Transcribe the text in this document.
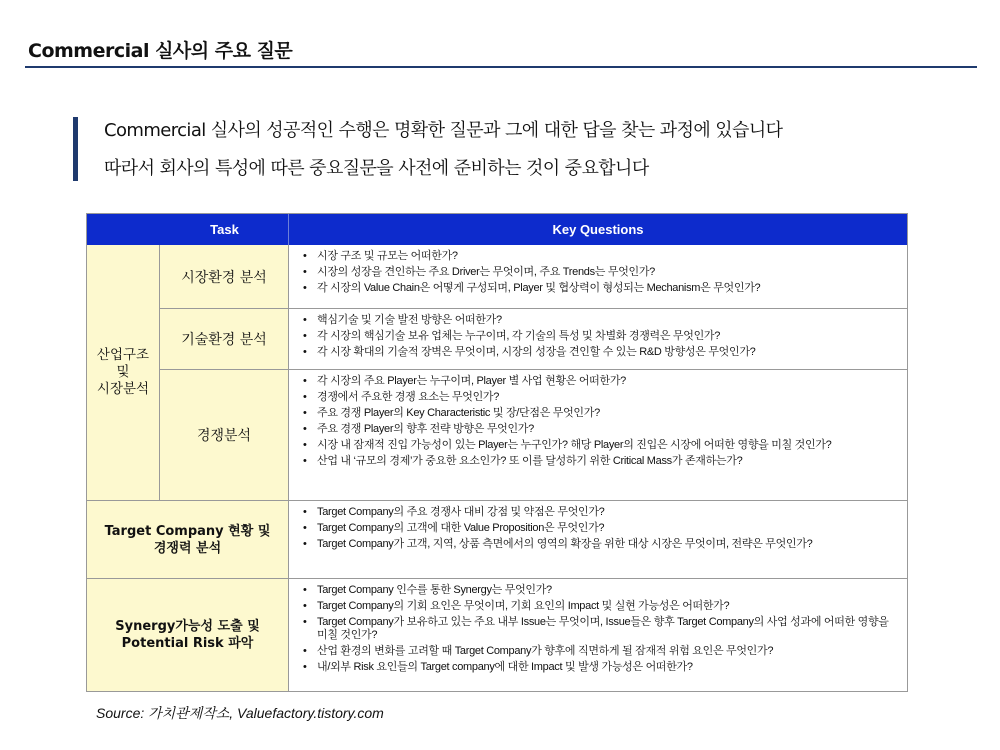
Commercial 실사의 주요 질문
Commercial 실사의 성공적인 수행은 명확한 질문과 그에 대한 답을 찾는 과정에 있습니다
따라서 회사의 특성에 따른 중요질문을 사전에 준비하는 것이 중요합니다
Task	Key Questions
산업구조
및
시장분석
시장환경 분석
• 시장 구조 및 규모는 어떠한가?
• 시장의 성장을 견인하는 주요 Driver는 무엇이며, 주요 Trends는 무엇인가?
• 각 시장의 Value Chain은 어떻게 구성되며, Player 및 협상력이 형성되는 Mechanism은 무엇인가?
기술환경 분석
• 핵심기술 및 기술 발전 방향은 어떠한가?
• 각 시장의 핵심기술 보유 업체는 누구이며, 각 기술의 특성 및 차별화 경쟁력은 무엇인가?
• 각 시장 확대의 기술적 장벽은 무엇이며, 시장의 성장을 견인할 수 있는 R&D 방향성은 무엇인가?
경쟁분석
• 각 시장의 주요 Player는 누구이며, Player 별 사업 현황은 어떠한가?
• 경쟁에서 주요한 경쟁 요소는 무엇인가?
• 주요 경쟁 Player의 Key Characteristic 및 장/단점은 무엇인가?
• 주요 경쟁 Player의 향후 전략 방향은 무엇인가?
• 시장 내 잠재적 진입 가능성이 있는 Player는 누구인가? 해당 Player의 진입은 시장에 어떠한 영향을 미칠 것인가?
• 산업 내 ‘규모의 경제’가 중요한 요소인가? 또 이를 달성하기 위한 Critical Mass가 존재하는가?
Target Company 현황 및
경쟁력 분석
• Target Company의 주요 경쟁사 대비 강점 및 약점은 무엇인가?
• Target Company의 고객에 대한 Value Proposition은 무엇인가?
• Target Company가 고객, 지역, 상품 측면에서의 영역의 확장을 위한 대상 시장은 무엇이며, 전략은 무엇인가?
Synergy가능성 도출 및
Potential Risk 파악
• Target Company 인수를 통한 Synergy는 무엇인가?
• Target Company의 기회 요인은 무엇이며, 기회 요인의 Impact 및 실현 가능성은 어떠한가?
• Target Company가 보유하고 있는 주요 내부 Issue는 무엇이며, Issue들은 향후 Target Company의 사업 성과에 어떠한 영향을 미칠 것인가?
• 산업 환경의 변화를 고려할 때 Target Company가 향후에 직면하게 될 잠재적 위험 요인은 무엇인가?
• 내/외부 Risk 요인들의 Target company에 대한 Impact 및 발생 가능성은 어떠한가?
Source: 가치관제작소, Valuefactory.tistory.com
